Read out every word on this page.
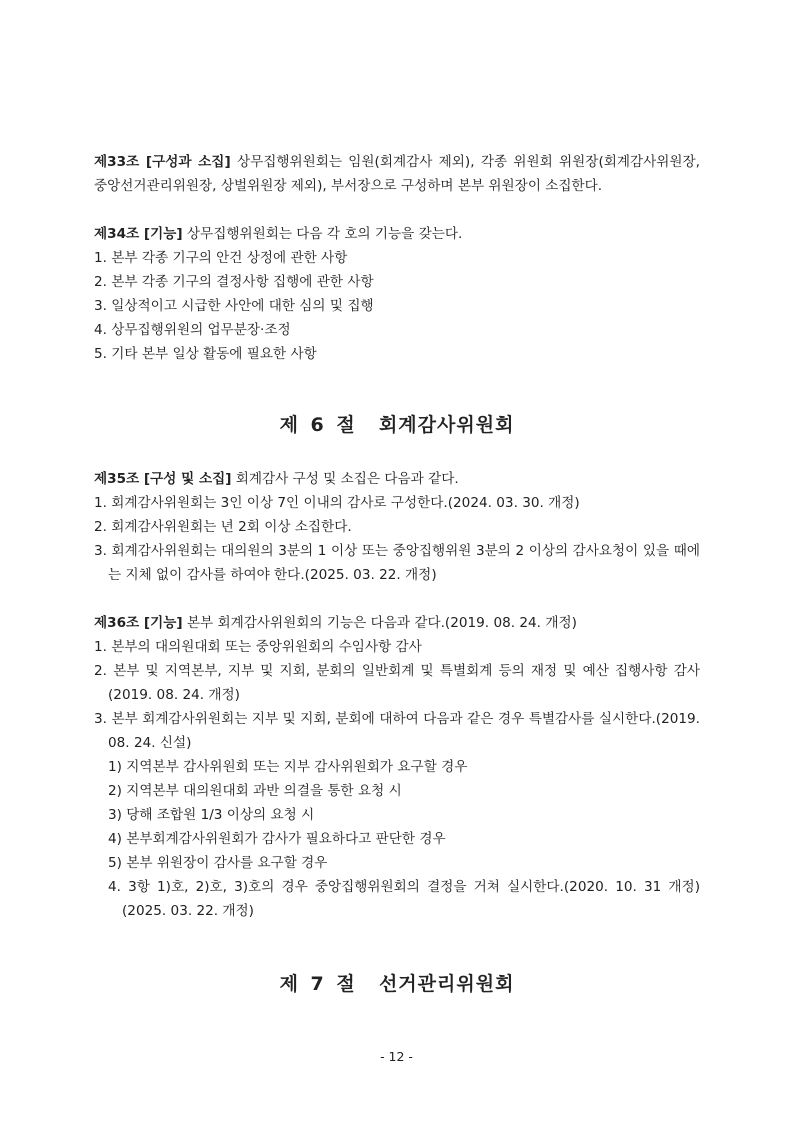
제33조 [구성과 소집] 상무집행위원회는 임원(회계감사 제외), 각종 위원회 위원장(회계감사위원장, 중앙선거관리위원장, 상벌위원장 제외), 부서장으로 구성하며 본부 위원장이 소집한다.

제34조 [기능] 상무집행위원회는 다음 각 호의 기능을 갖는다.

1. 본부 각종 기구의 안건 상정에 관한 사항

2. 본부 각종 기구의 결정사항 집행에 관한 사항

3. 일상적이고 시급한 사안에 대한 심의 및 집행

4. 상무집행위원의 업무분장·조정

5. 기타 본부 일상 활동에 필요한 사항

제 6 절  회계감사위원회

제35조 [구성 및 소집] 회계감사 구성 및 소집은 다음과 같다.

1. 회계감사위원회는 3인 이상 7인 이내의 감사로 구성한다.(2024. 03. 30. 개정)

2. 회계감사위원회는 년 2회 이상 소집한다.

3. 회계감사위원회는 대의원의 3분의 1 이상 또는 중앙집행위원 3분의 2 이상의 감사요청이 있을 때에는 지체 없이 감사를 하여야 한다.(2025. 03. 22. 개정)

제36조 [기능] 본부 회계감사위원회의 기능은 다음과 같다.(2019. 08. 24. 개정)

1. 본부의 대의원대회 또는 중앙위원회의 수임사항 감사

2. 본부 및 지역본부, 지부 및 지회, 분회의 일반회계 및 특별회계 등의 재정 및 예산 집행사항 감사 (2019. 08. 24. 개정)

3. 본부 회계감사위원회는 지부 및 지회, 분회에 대하여 다음과 같은 경우 특별감사를 실시한다.(2019. 08. 24. 신설)

1) 지역본부 감사위원회 또는 지부 감사위원회가 요구할 경우

2) 지역본부 대의원대회 과반 의결을 통한 요청 시

3) 당해 조합원 1/3 이상의 요청 시

4) 본부회계감사위원회가 감사가 필요하다고 판단한 경우

5) 본부 위원장이 감사를 요구할 경우

4. 3항 1)호, 2)호, 3)호의 경우 중앙집행위원회의 결정을 거쳐 실시한다.(2020. 10. 31 개정) (2025. 03. 22. 개정)

제 7 절  선거관리위원회

- 12 -
